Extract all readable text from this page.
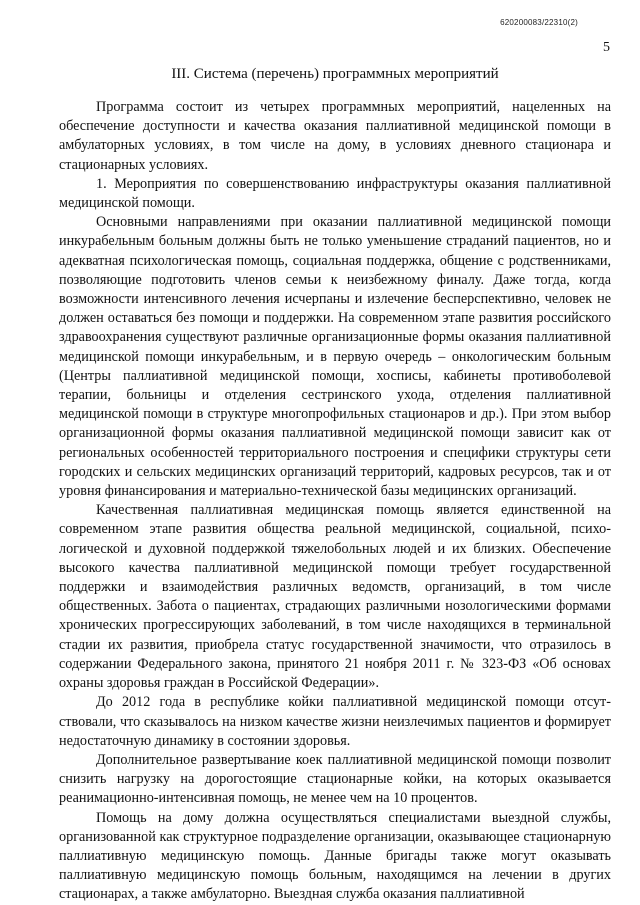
620200083/22310(2)
5
III. Система (перечень) программных мероприятий

Программа состоит из четырех программных мероприятий, нацеленных на обеспечение доступности и качества оказания паллиативной медицинской помощи в амбулаторных условиях, в том числе на дому, в условиях дневного стационара и стационарных условиях.

1. Мероприятия по совершенствованию инфраструктуры оказания паллиативной медицинской помощи.

Основными направлениями при оказании паллиативной медицинской помощи инкурабельным больным должны быть не только уменьшение страданий пациентов, но и адекватная психологическая помощь, социальная поддержка, общение с родственниками, позволяющие подготовить членов семьи к неизбежному финалу. Даже тогда, когда возможности интенсивного лечения исчерпаны и излечение бесперспективно, человек не должен оставаться без помощи и поддержки. На современном этапе развития российского здравоохранения существуют различные организационные формы оказания паллиативной медицинской помощи инкурабельным, и в первую очередь – онкологическим больным (Центры паллиативной медицинской помощи, хосписы, кабинеты противоболевой терапии, больницы и отделения сестринского ухода, отделения паллиативной медицинской помощи в структуре многопрофильных стационаров и др.). При этом выбор организационной формы оказания паллиативной медицинской помощи зависит как от региональных особенностей территориального построения и специфики структуры сети городских и сельских медицинских организаций территорий, кадровых ресурсов, так и от уровня финансирования и материально-технической базы медицинских организаций.

Качественная паллиативная медицинская помощь является единственной на современном этапе развития общества реальной медицинской, социальной, психологической и духовной поддержкой тяжелобольных людей и их близких. Обеспечение высокого качества паллиативной медицинской помощи требует государственной поддержки и взаимодействия различных ведомств, организаций, в том числе общественных. Забота о пациентах, страдающих различными нозологическими формами хронических прогрессирующих заболеваний, в том числе находящихся в терминальной стадии их развития, приобрела статус государственной значимости, что отразилось в содержании Федерального закона, принятого 21 ноября 2011 г. № 323-ФЗ «Об основах охраны здоровья граждан в Российской Федерации».

До 2012 года в республике койки паллиативной медицинской помощи отсутствовали, что сказывалось на низком качестве жизни неизлечимых пациентов и формирует недостаточную динамику в состоянии здоровья.

Дополнительное развертывание коек паллиативной медицинской помощи позволит снизить нагрузку на дорогостоящие стационарные койки, на которых оказывается реанимационно-интенсивная помощь, не менее чем на 10 процентов.

Помощь на дому должна осуществляться специалистами выездной службы, организованной как структурное подразделение организации, оказывающее стационарную паллиативную медицинскую помощь. Данные бригады также могут оказывать паллиативную медицинскую помощь больным, находящимся на лечении в других стационарах, а также амбулаторно. Выездная служба оказания паллиативной
